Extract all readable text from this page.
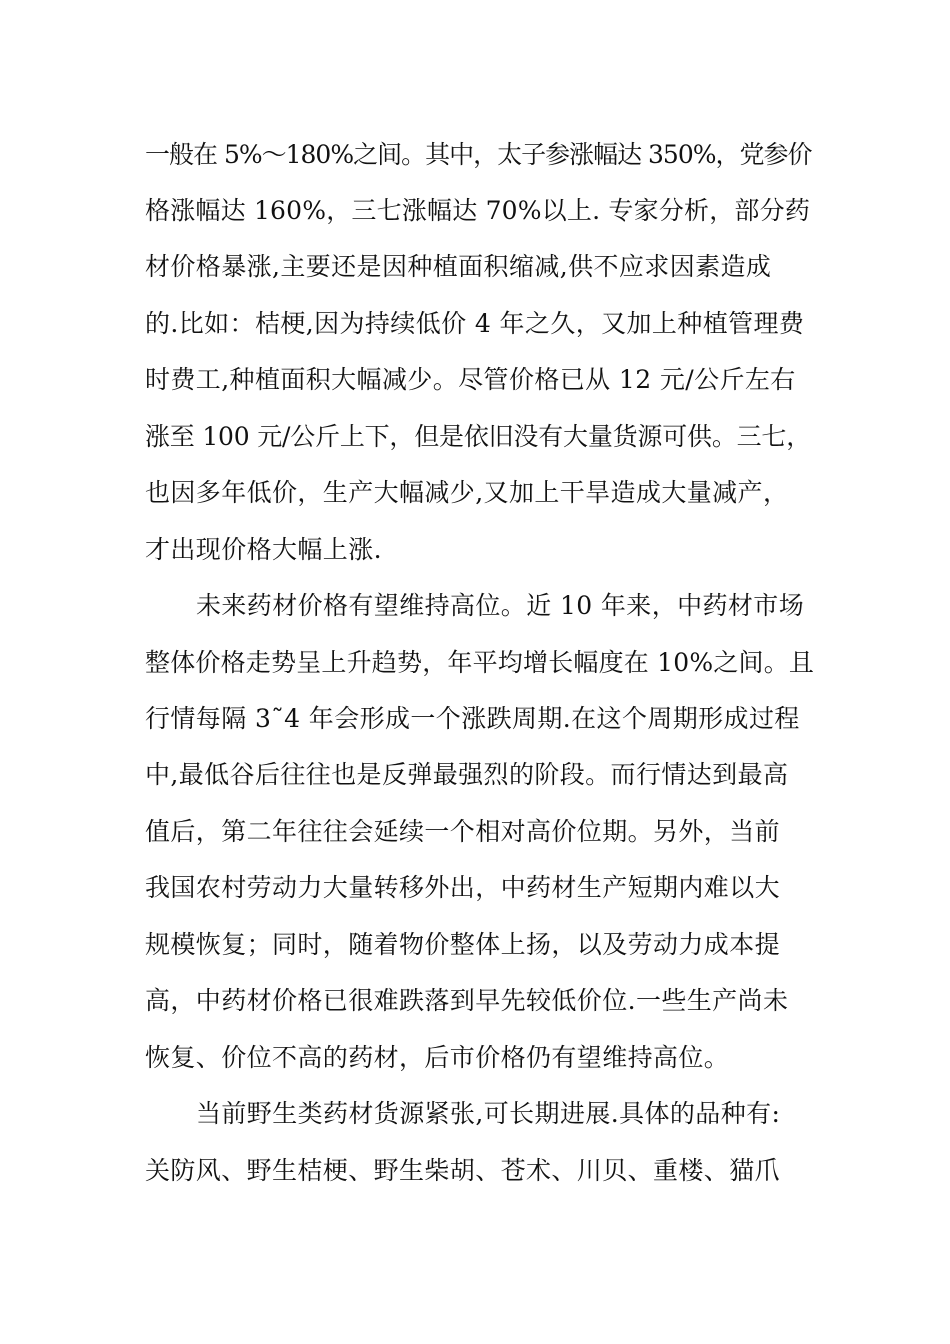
一般在 5%～180%之间。其中，太子参涨幅达 350%，党参价
格涨幅达 160%，三七涨幅达 70%以上. 专家分析，部分药
材价格暴涨,主要还是因种植面积缩减,供不应求因素造成
的.比如：桔梗,因为持续低价 4 年之久，又加上种植管理费
时费工,种植面积大幅减少。尽管价格已从 12 元/公斤左右
涨至 100 元/公斤上下，但是依旧没有大量货源可供。三七，
也因多年低价，生产大幅减少,又加上干旱造成大量减产，
才出现价格大幅上涨.
未来药材价格有望维持高位。近 10 年来，中药材市场
整体价格走势呈上升趋势，年平均增长幅度在 10%之间。且
行情每隔 3˜4 年会形成一个涨跌周期.在这个周期形成过程
中,最低谷后往往也是反弹最强烈的阶段。而行情达到最高
值后，第二年往往会延续一个相对高价位期。另外，当前
我国农村劳动力大量转移外出，中药材生产短期内难以大
规模恢复；同时，随着物价整体上扬，以及劳动力成本提
高，中药材价格已很难跌落到早先较低价位.一些生产尚未
恢复、价位不高的药材，后市价格仍有望维持高位。
当前野生类药材货源紧张,可长期进展.具体的品种有:
关防风、野生桔梗、野生柴胡、苍术、川贝、重楼、猫爪
